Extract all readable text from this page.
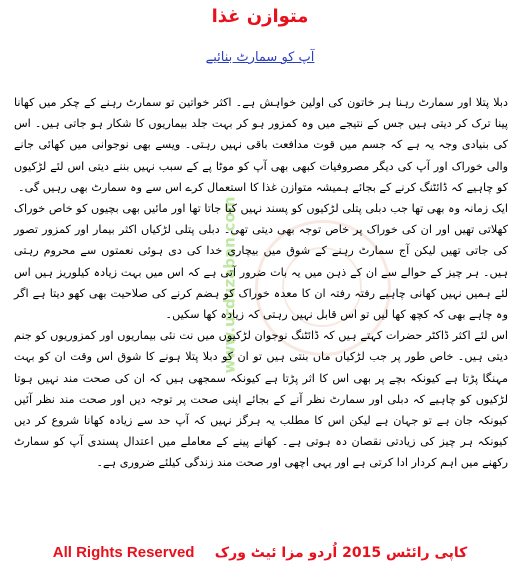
متوازن غذا
آپ کو سمارٹ بنائیے
www.urduzaban.com

دبلا پتلا اور سمارٹ رہنا ہر خاتون کی اولین خواہش ہے۔ اکثر خواتین تو سمارٹ رہنے کے چکر میں کھانا پینا ترک کر دیتی ہیں جس کے نتیجے میں وہ کمزور ہو کر بہت جلد بیماریوں کا شکار ہو جاتی ہیں۔ اس کی بنیادی وجہ یہ ہے کہ جسم میں قوت مدافعت باقی نہیں رہتی۔ ویسے بھی نوجوانی میں کھائی جانے والی خوراک اور آپ کی دیگر مصروفیات کبھی بھی آپ کو موٹا پے کے سبب نہیں بننے دیتی اس لئے لڑکیوں کو چاہیے کہ ڈائٹنگ کرنے کے بجائے ہمیشہ متوازن غذا کا استعمال کرے اس سے وہ سمارٹ بھی رہیں گی۔

ایک زمانہ وہ بھی تھا جب دبلی پتلی لڑکیوں کو پسند نہیں کیا جاتا تھا اور مائیں بھی بچیوں کو خاص خوراک کھلاتی تھیں اور ان کی خوراک پر خاص توجہ بھی دیتی تھی۔ دبلی پتلی لڑکیاں اکثر بیمار اور کمزور تصور کی جاتی تھیں لیکن آج سمارٹ رہنے کے شوق میں بیچاری خدا کی دی ہوئی نعمتوں سے محروم رہتی ہیں۔ ہر چیز کے حوالے سے ان کے ذہن میں یہ بات ضرور آتی ہے کہ اس میں بہت زیادہ کیلوریز ہیں اس لئے ہمیں نہیں کھانی چاہیے رفتہ رفتہ ان کا معدہ خوراک کو ہضم کرنے کی صلاحیت بھی کھو دیتا ہے اگر وہ چاہے بھی کہ کچھ کھا لیں تو اس قابل نہیں رہتی کہ زیادہ کھا سکیں۔

اس لئے اکثر ڈاکٹر حضرات کہتے ہیں کہ ڈائٹنگ نوجوان لڑکیوں میں نت نئی بیماریوں اور کمزوریوں کو جنم دیتی ہیں۔ خاص طور پر جب لڑکیاں ماں بنتی ہیں تو ان کو دبلا پتلا ہونے کا شوق اس وقت ان کو بہت مہنگا پڑتا ہے کیونکہ بچے پر بھی اس کا اثر پڑتا ہے کیونکہ سمجھی ہیں کہ ان کی صحت مند نہیں ہوتا لڑکیوں کو چاہیے کہ دبلی اور سمارٹ نظر آنے کے بجائے اپنی صحت پر توجہ دیں اور صحت مند نظر آئیں کیونکہ جان ہے تو جہان ہے لیکن اس کا مطلب یہ ہرگز نہیں کہ آپ حد سے زیادہ کھانا شروع کر دیں کیونکہ ہر چیز کی زیادتی نقصان دہ ہوتی ہے۔ کھانے پینے کے معاملے میں اعتدال پسندی آپ کو سمارٹ رکھنے میں اہم کردار ادا کرتی ہے اور یہی اچھی اور صحت مند زندگی کیلئے ضروری ہے۔

کاپی رائٹس 2015 اُردو مزا ئیٹ ورک    All Rights Reserved
